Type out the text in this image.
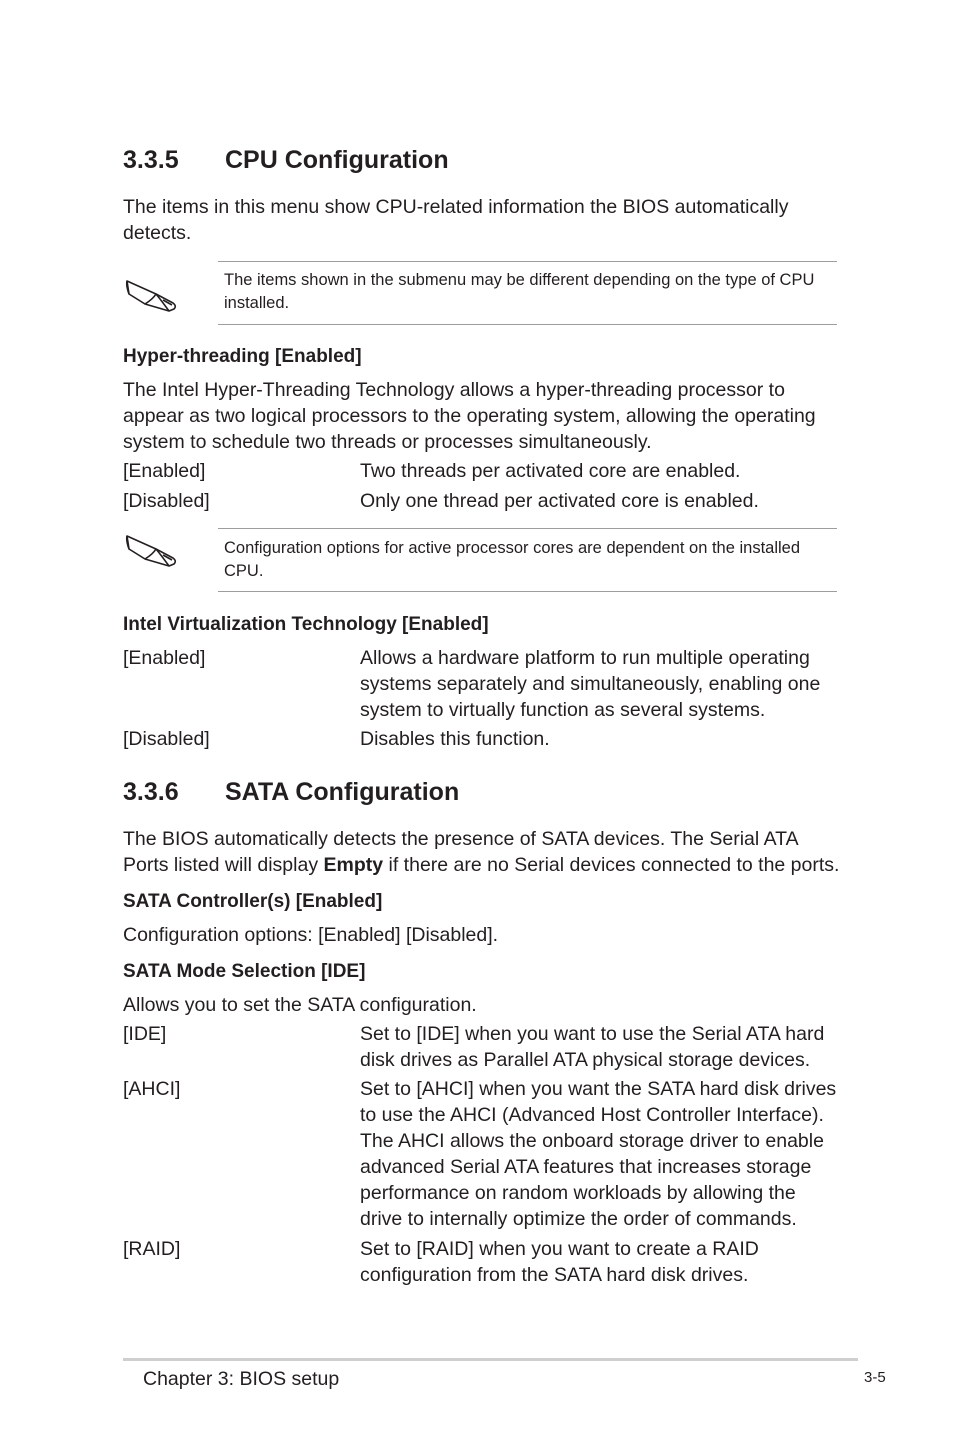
3.3.5 CPU Configuration
The items in this menu show CPU-related information the BIOS automatically detects.
The items shown in the submenu may be different depending on the type of CPU installed.
Hyper-threading [Enabled]
The Intel Hyper-Threading Technology allows a hyper-threading processor to appear as two logical processors to the operating system, allowing the operating system to schedule two threads or processes simultaneously.
[Enabled]	Two threads per activated core are enabled.
[Disabled]	Only one thread per activated core is enabled.
Configuration options for active processor cores are dependent on the installed CPU.
Intel Virtualization Technology [Enabled]
[Enabled]	Allows a hardware platform to run multiple operating systems separately and simultaneously, enabling one system to virtually function as several systems.
[Disabled]	Disables this function.
3.3.6 SATA Configuration
The BIOS automatically detects the presence of SATA devices. The Serial ATA Ports listed will display Empty if there are no Serial devices connected to the ports.
SATA Controller(s) [Enabled]
Configuration options: [Enabled] [Disabled].
SATA Mode Selection [IDE]
Allows you to set the SATA configuration.
[IDE]	Set to [IDE] when you want to use the Serial ATA hard disk drives as Parallel ATA physical storage devices.
[AHCI]	Set to [AHCI] when you want the SATA hard disk drives to use the AHCI (Advanced Host Controller Interface). The AHCI allows the onboard storage driver to enable advanced Serial ATA features that increases storage performance on random workloads by allowing the drive to internally optimize the order of commands.
[RAID]	Set to [RAID] when you want to create a RAID configuration from the SATA hard disk drives.
Chapter 3: BIOS setup	3-5
